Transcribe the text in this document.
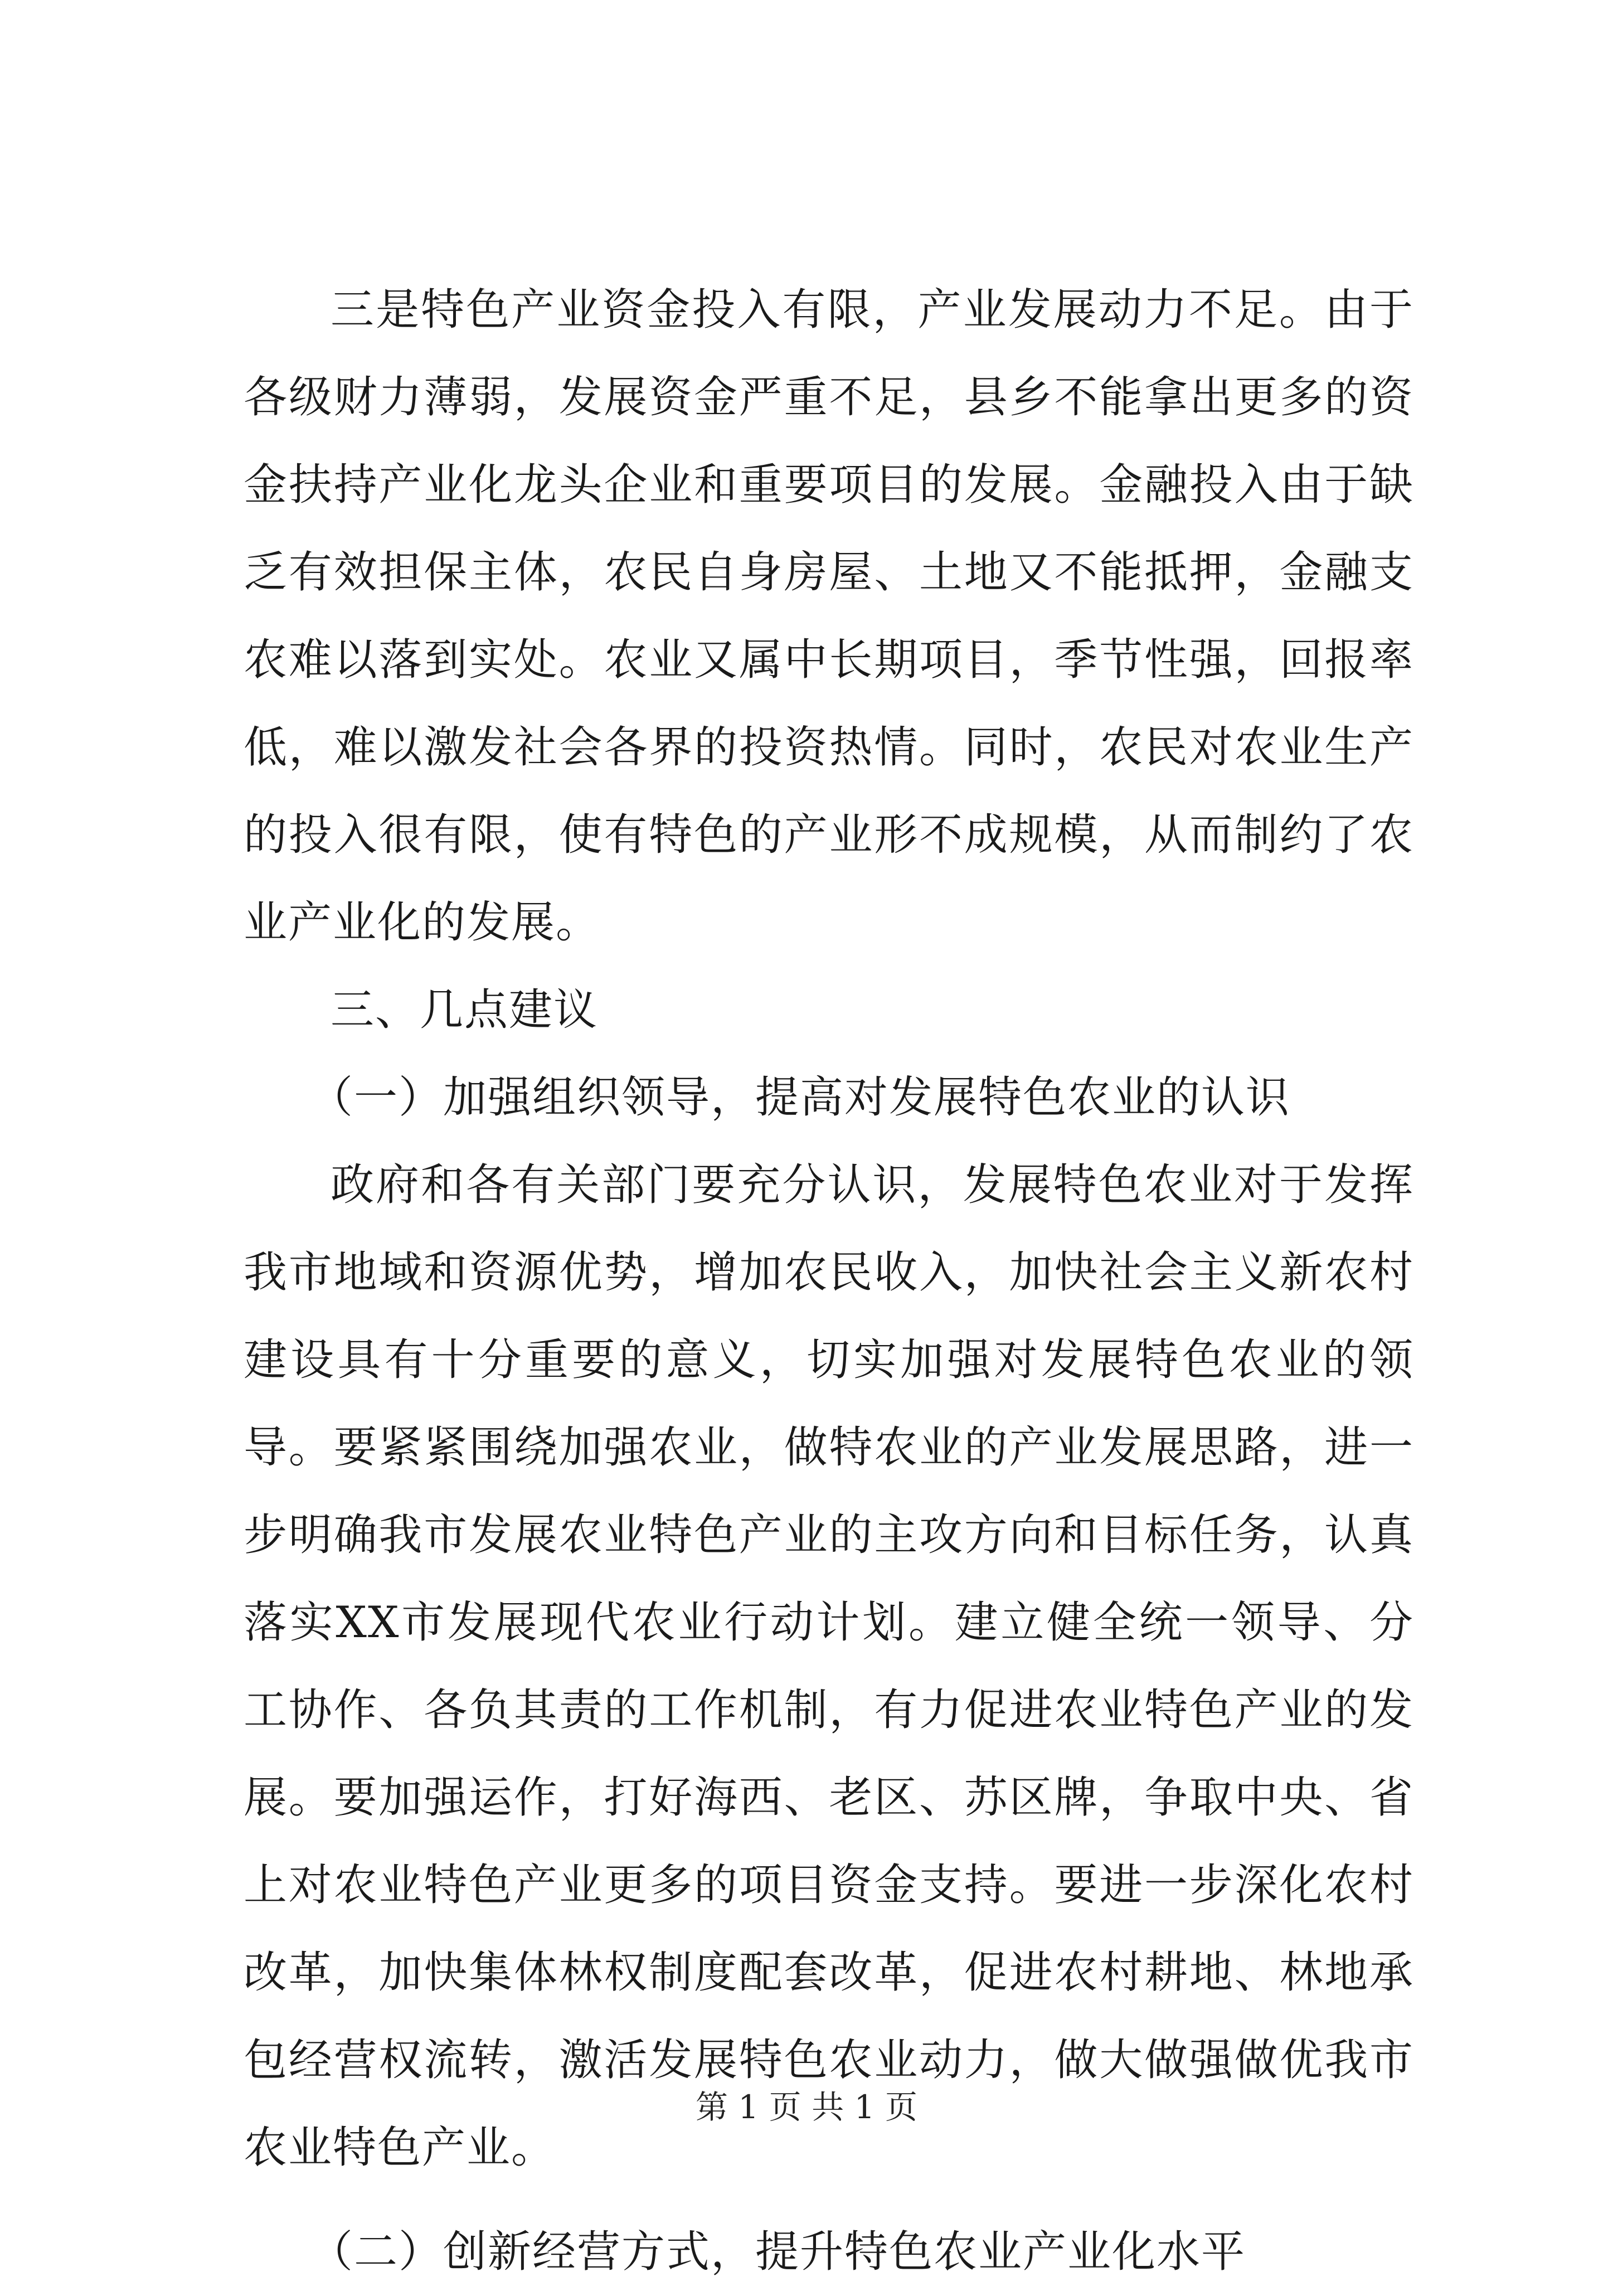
三是特色产业资金投入有限，产业发展动力不足。由于各级财力薄弱，发展资金严重不足，县乡不能拿出更多的资金扶持产业化龙头企业和重要项目的发展。金融投入由于缺乏有效担保主体，农民自身房屋、土地又不能抵押，金融支农难以落到实处。农业又属中长期项目，季节性强，回报率低，难以激发社会各界的投资热情。同时，农民对农业生产的投入很有限，使有特色的产业形不成规模，从而制约了农业产业化的发展。

三、几点建议

（一）加强组织领导，提高对发展特色农业的认识

政府和各有关部门要充分认识，发展特色农业对于发挥我市地域和资源优势，增加农民收入，加快社会主义新农村建设具有十分重要的意义，切实加强对发展特色农业的领导。要紧紧围绕加强农业，做特农业的产业发展思路，进一步明确我市发展农业特色产业的主攻方向和目标任务，认真落实XX市发展现代农业行动计划。建立健全统一领导、分工协作、各负其责的工作机制，有力促进农业特色产业的发展。要加强运作，打好海西、老区、苏区牌，争取中央、省上对农业特色产业更多的项目资金支持。要进一步深化农村改革，加快集体林权制度配套改革，促进农村耕地、林地承包经营权流转，激活发展特色农业动力，做大做强做优我市农业特色产业。

（二）创新经营方式，提升特色农业产业化水平

第 1 页 共 1 页
